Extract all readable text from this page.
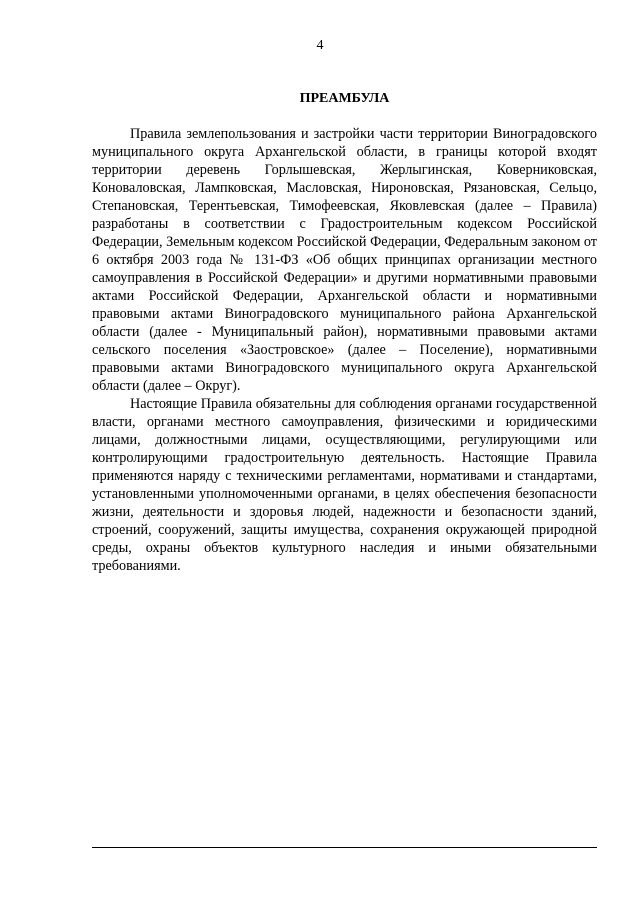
4
ПРЕАМБУЛА

Правила землепользования и застройки части территории Виноградовского муниципального округа Архангельской области, в границы которой входят территории деревень Горлышевская, Жерлыгинская, Коверниковская, Коноваловская, Лампковская, Масловская, Нироновская, Рязановская, Сельцо, Степановская, Терентьевская, Тимофеевская, Яковлевская (далее – Правила) разработаны в соответствии с Градостроительным кодексом Российской Федерации, Земельным кодексом Российской Федерации, Федеральным законом от 6 октября 2003 года № 131-ФЗ «Об общих принципах организации местного самоуправления в Российской Федерации» и другими нормативными правовыми актами Российской Федерации, Архангельской области и нормативными правовыми актами Виноградовского муниципального района Архангельской области (далее - Муниципальный район), нормативными правовыми актами сельского поселения «Заостровское» (далее – Поселение), нормативными правовыми актами Виноградовского муниципального округа Архангельской области (далее – Округ).

Настоящие Правила обязательны для соблюдения органами государственной власти, органами местного самоуправления, физическими и юридическими лицами, должностными лицами, осуществляющими, регулирующими или контролирующими градостроительную деятельность. Настоящие Правила применяются наряду с техническими регламентами, нормативами и стандартами, установленными уполномоченными органами, в целях обеспечения безопасности жизни, деятельности и здоровья людей, надежности и безопасности зданий, строений, сооружений, защиты имущества, сохранения окружающей природной среды, охраны объектов культурного наследия и иными обязательными требованиями.
